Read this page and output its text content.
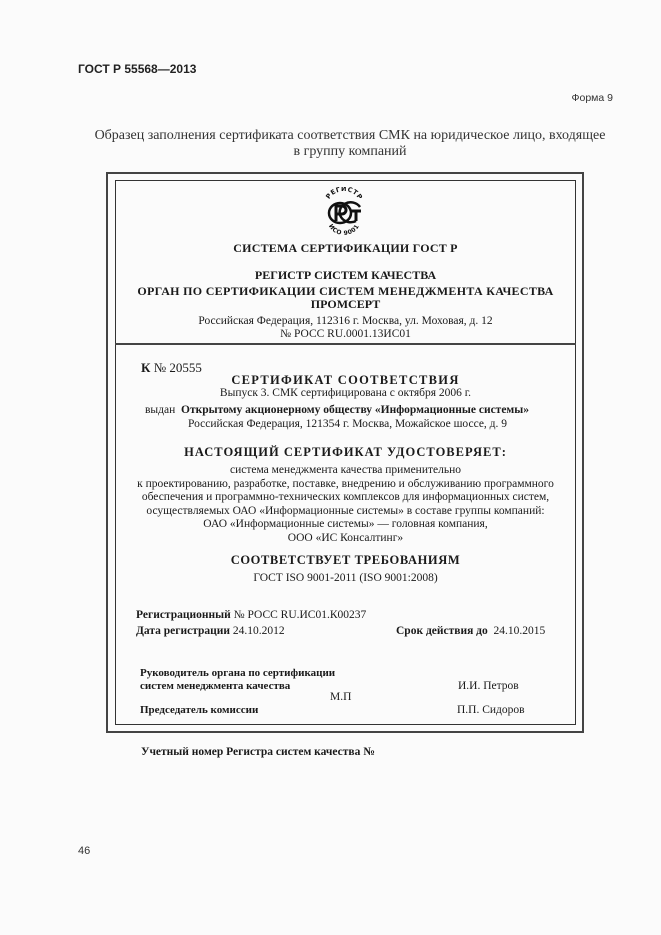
ГОСТ Р 55568—2013
Форма 9
Образец заполнения сертификата соответствия СМК на юридическое лицо, входящее
в группу компаний
РЕГИСТР
ИСО 9001
СИСТЕМА СЕРТИФИКАЦИИ ГОСТ Р
РЕГИСТР СИСТЕМ КАЧЕСТВА
ОРГАН ПО СЕРТИФИКАЦИИ СИСТЕМ МЕНЕДЖМЕНТА КАЧЕСТВА
ПРОМСЕРТ
Российская Федерация, 112316 г. Москва, ул. Моховая, д. 12
№ РОСС RU.0001.13ИС01
К № 20555
СЕРТИФИКАТ СООТВЕТСТВИЯ
Выпуск 3. СМК сертифицирована с октября 2006 г.
выдан Открытому акционерному обществу «Информационные системы»
Российская Федерация, 121354 г. Москва, Можайское шоссе, д. 9
НАСТОЯЩИЙ СЕРТИФИКАТ УДОСТОВЕРЯЕТ:
система менеджмента качества применительно
к проектированию, разработке, поставке, внедрению и обслуживанию программного
обеспечения и программно-технических комплексов для информационных систем,
осуществляемых ОАО «Информационные системы» в составе группы компаний:
ОАО «Информационные системы» — головная компания,
ООО «ИС Консалтинг»
СООТВЕТСТВУЕТ ТРЕБОВАНИЯМ
ГОСТ ISO 9001-2011 (ISO 9001:2008)
Регистрационный № РОСС RU.ИС01.К00237
Дата регистрации 24.10.2012	Срок действия до 24.10.2015
Руководитель органа по сертификации
систем менеджмента качества	И.И. Петров
М.П
Председатель комиссии	П.П. Сидоров
Учетный номер Регистра систем качества №
46
